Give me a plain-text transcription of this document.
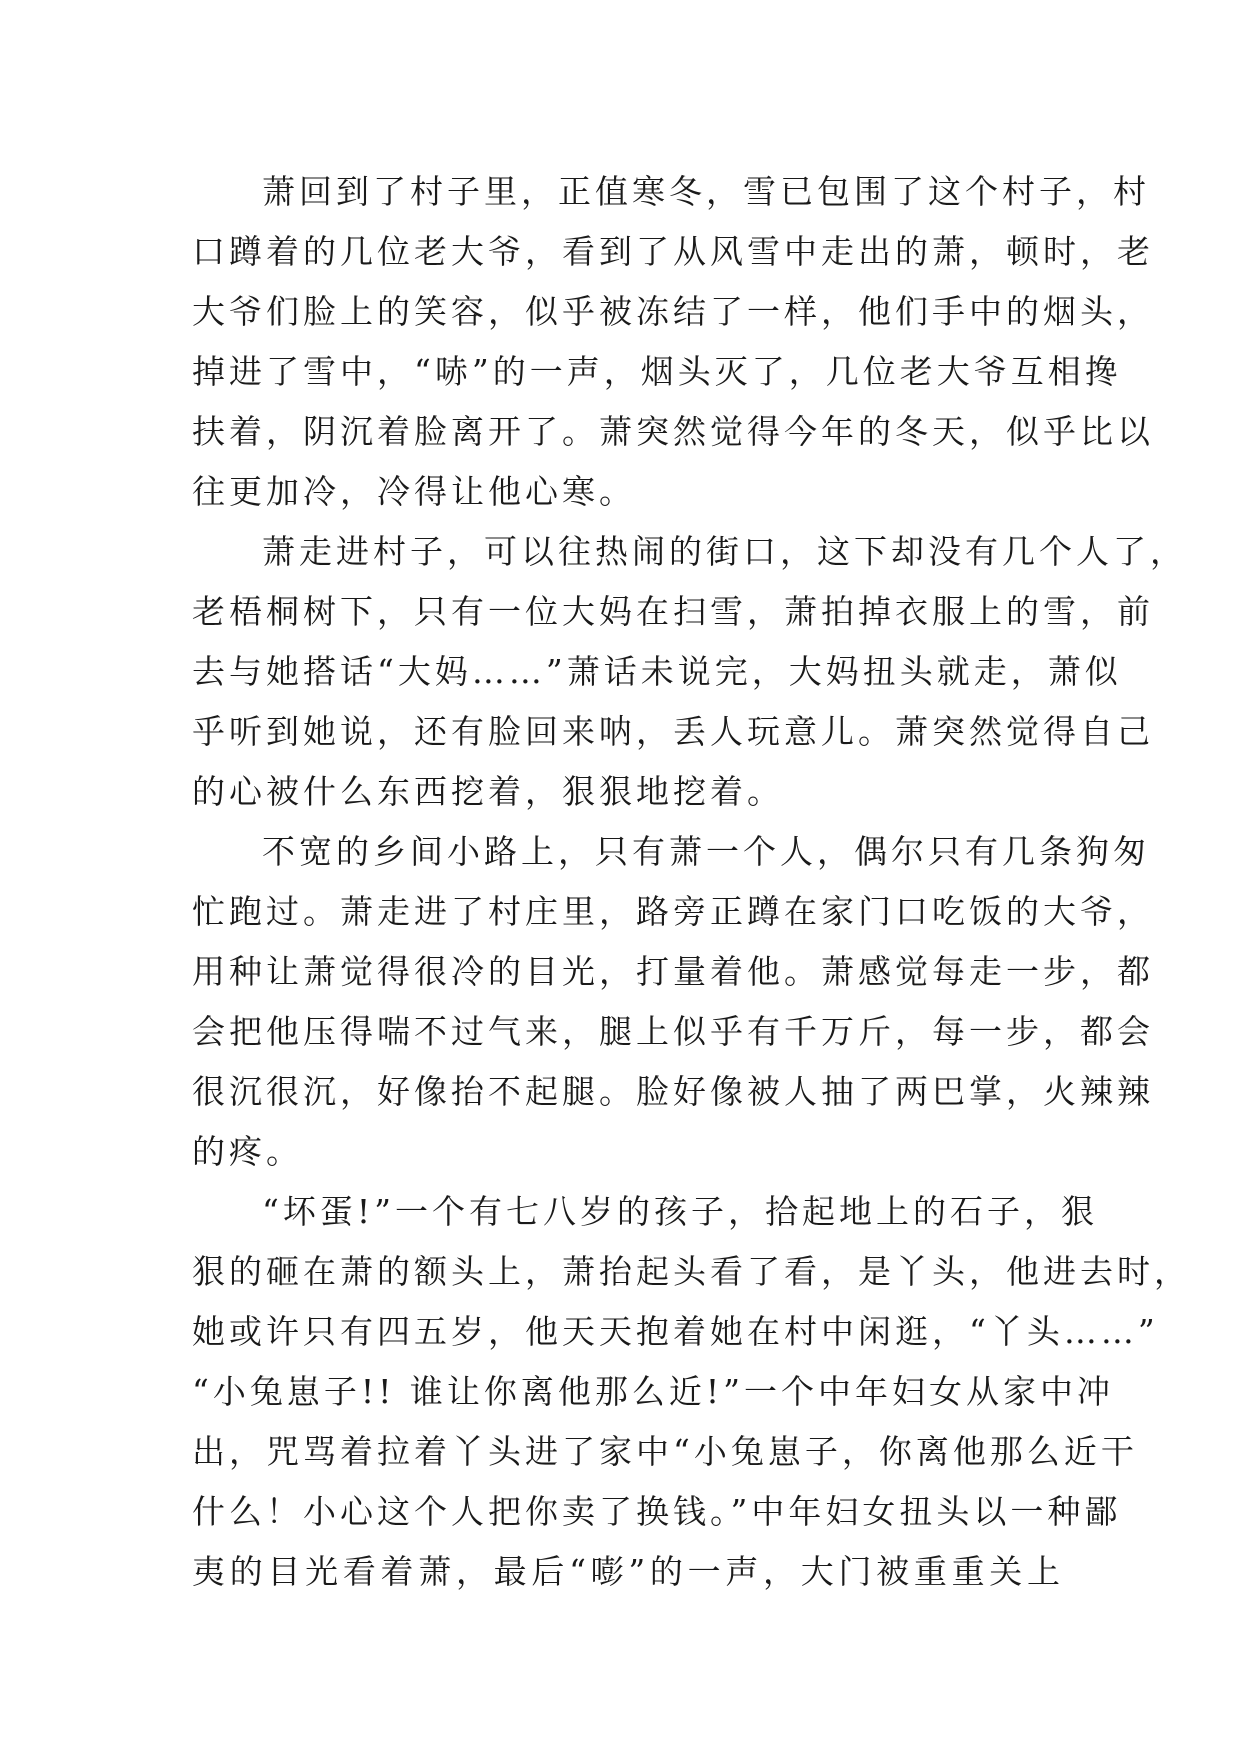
萧回到了村子里，正值寒冬，雪已包围了这个村子，村
口蹲着的几位老大爷，看到了从风雪中走出的萧，顿时，老
大爷们脸上的笑容，似乎被冻结了一样，他们手中的烟头，
掉进了雪中，“哧”的一声，烟头灭了，几位老大爷互相搀
扶着，阴沉着脸离开了。萧突然觉得今年的冬天，似乎比以
往更加冷，冷得让他心寒。
萧走进村子，可以往热闹的街口，这下却没有几个人了，
老梧桐树下，只有一位大妈在扫雪，萧拍掉衣服上的雪，前
去与她搭话“大妈……”萧话未说完，大妈扭头就走，萧似
乎听到她说，还有脸回来呐，丢人玩意儿。萧突然觉得自己
的心被什么东西挖着，狠狠地挖着。
不宽的乡间小路上，只有萧一个人，偶尔只有几条狗匆
忙跑过。萧走进了村庄里，路旁正蹲在家门口吃饭的大爷，
用种让萧觉得很冷的目光，打量着他。萧感觉每走一步，都
会把他压得喘不过气来，腿上似乎有千万斤，每一步，都会
很沉很沉，好像抬不起腿。脸好像被人抽了两巴掌，火辣辣
的疼。
“坏蛋!”一个有七八岁的孩子，拾起地上的石子，狠
狠的砸在萧的额头上，萧抬起头看了看，是丫头，他进去时，
她或许只有四五岁，他天天抱着她在村中闲逛，“丫头……”
“小兔崽子!! 谁让你离他那么近!”一个中年妇女从家中冲
出，咒骂着拉着丫头进了家中“小兔崽子，你离他那么近干
什么！小心这个人把你卖了换钱。”中年妇女扭头以一种鄙
夷的目光看着萧，最后“嘭”的一声，大门被重重关上
